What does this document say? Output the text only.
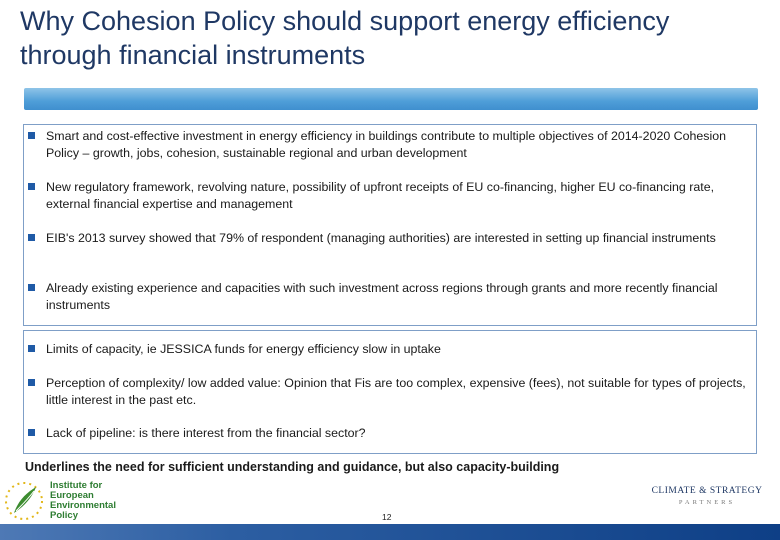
Why Cohesion Policy should support energy efficiency through financial instruments
Smart and cost-effective investment in energy efficiency in buildings contribute to multiple objectives of 2014-2020 Cohesion Policy – growth, jobs, cohesion, sustainable regional and urban development
New regulatory framework, revolving nature, possibility of upfront receipts of EU co-financing, higher EU co-financing rate, external financial expertise and management
EIB's 2013 survey showed that 79% of respondent (managing authorities) are interested in setting up financial instruments
Already existing experience and capacities with such investment across regions through grants and more recently financial instruments
Limits of capacity, ie JESSICA funds for energy efficiency slow in uptake
Perception of complexity/ low added value: Opinion that Fis are too complex, expensive (fees), not suitable for types of projects, little interest in the past etc.
Lack of pipeline: is there interest from the financial sector?
Underlines the need for sufficient understanding and guidance, but also capacity-building
Institute for
European
Environmental
Policy
CLIMATE & STRATEGY
PARTNERS
12
